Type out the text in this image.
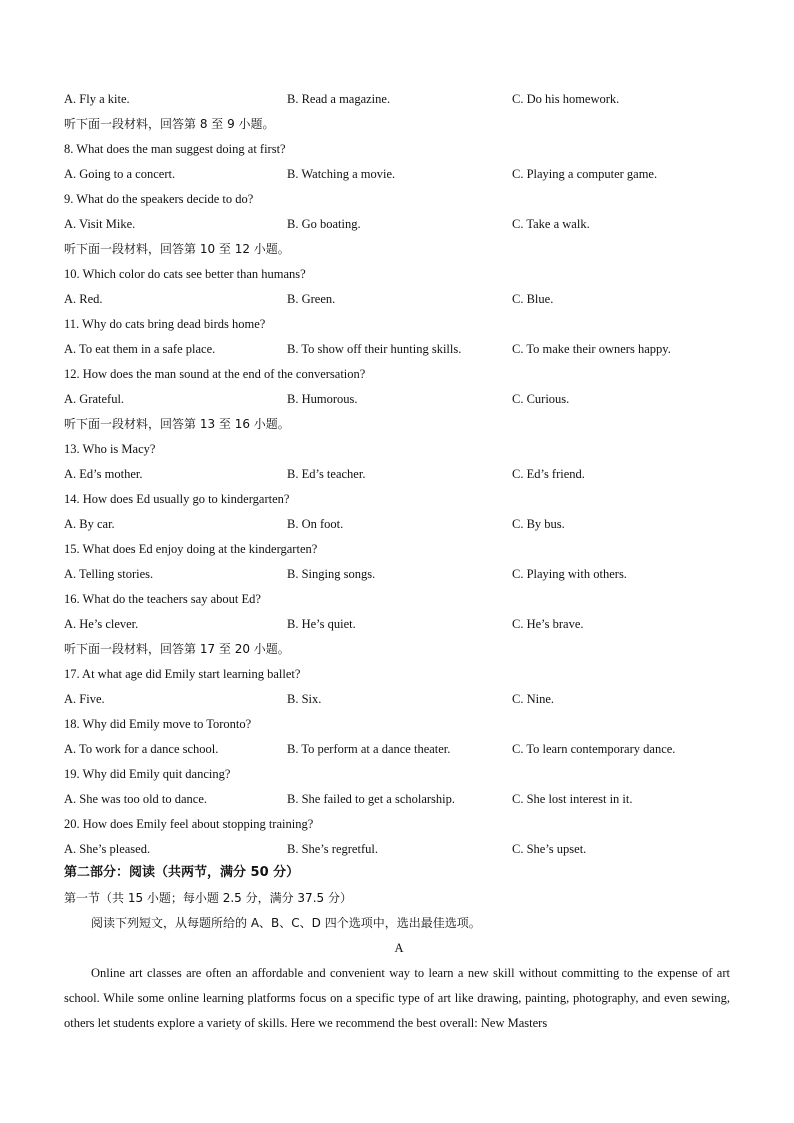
A. Fly a kite.	B. Read a magazine.	C. Do his homework.
听下面一段材料，回答第 8 至 9 小题。
8. What does the man suggest doing at first?
A. Going to a concert.	B. Watching a movie.	C. Playing a computer game.
9. What do the speakers decide to do?
A. Visit Mike.	B. Go boating.	C. Take a walk.
听下面一段材料，回答第 10 至 12 小题。
10. Which color do cats see better than humans?
A. Red.	B. Green.	C. Blue.
11. Why do cats bring dead birds home?
A. To eat them in a safe place.	B. To show off their hunting skills.	C. To make their owners happy.
12. How does the man sound at the end of the conversation?
A. Grateful.	B. Humorous.	C. Curious.
听下面一段材料，回答第 13 至 16 小题。
13. Who is Macy?
A. Ed’s mother.	B. Ed’s teacher.	C. Ed’s friend.
14. How does Ed usually go to kindergarten?
A. By car.	B. On foot.	C. By bus.
15. What does Ed enjoy doing at the kindergarten?
A. Telling stories.	B. Singing songs.	C. Playing with others.
16. What do the teachers say about Ed?
A. He’s clever.	B. He’s quiet.	C. He’s brave.
听下面一段材料，回答第 17 至 20 小题。
17. At what age did Emily start learning ballet?
A. Five.	B. Six.	C. Nine.
18. Why did Emily move to Toronto?
A. To work for a dance school.	B. To perform at a dance theater.	C. To learn contemporary dance.
19. Why did Emily quit dancing?
A. She was too old to dance.	B. She failed to get a scholarship.	C. She lost interest in it.
20. How does Emily feel about stopping training?
A. She’s pleased.	B. She’s regretful.	C. She’s upset.
第二部分：阅读（共两节，满分 50 分）
第一节（共 15 小题；每小题 2.5 分，满分 37.5 分）
阅读下列短文，从每题所给的 A、B、C、D 四个选项中，选出最佳选项。
A
Online art classes are often an affordable and convenient way to learn a new skill without committing to the expense of art school. While some online learning platforms focus on a specific type of art like drawing, painting, photography, and even sewing, others let students explore a variety of skills. Here we recommend the best overall: New Masters
